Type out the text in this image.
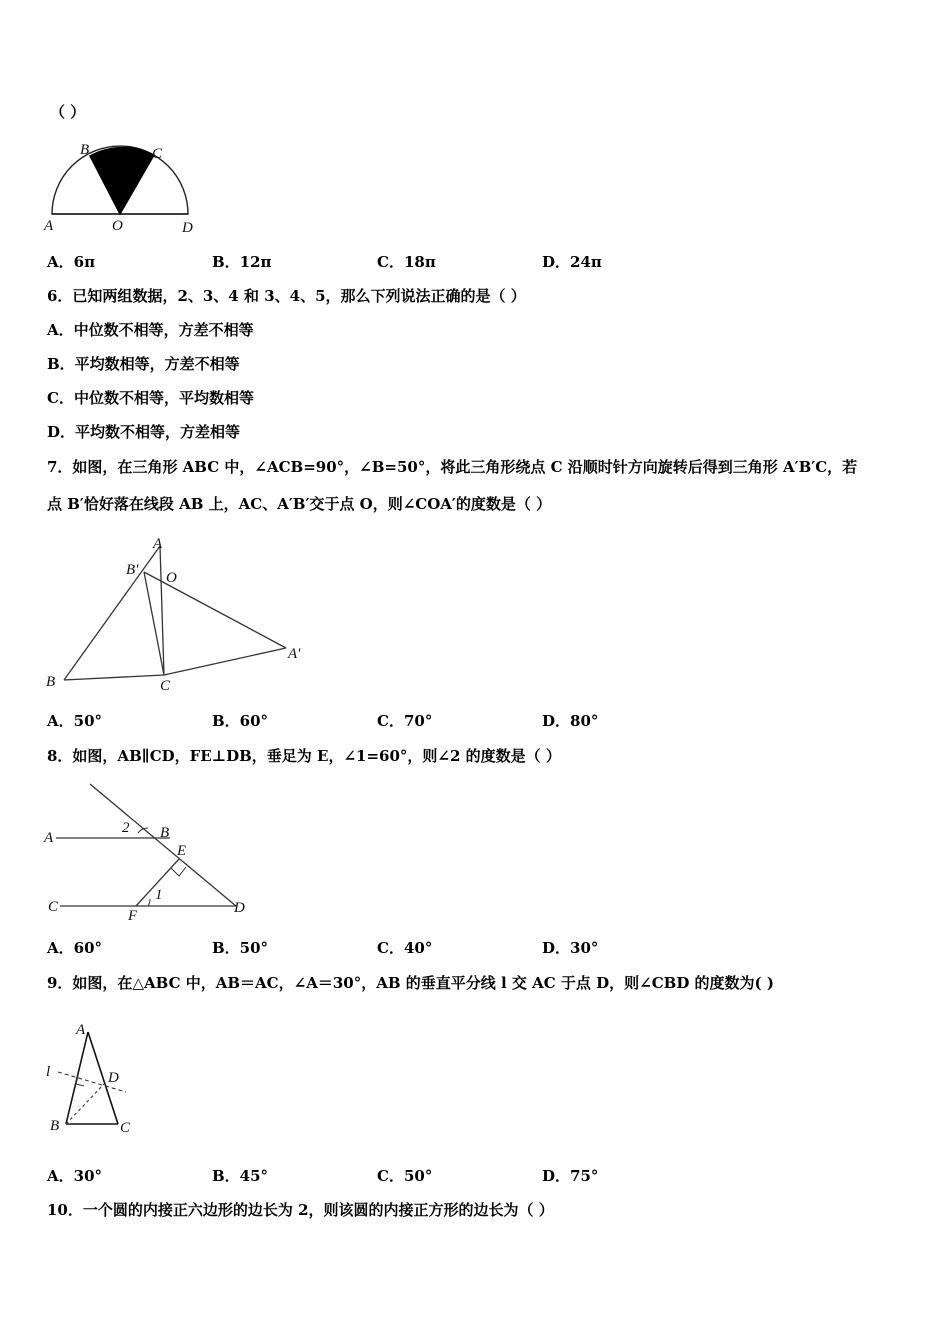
（ ）
B	C
A	O	D
A．6π	B．12π	C．18π	D．24π
6．已知两组数据，2、3、4 和 3、4、5，那么下列说法正确的是（ ）
A．中位数不相等，方差不相等
B．平均数相等，方差不相等
C．中位数不相等，平均数相等
D．平均数不相等，方差相等
7．如图，在三角形 ABC 中，∠ACB=90°，∠B=50°，将此三角形绕点 C 沿顺时针方向旋转后得到三角形 A′B′C，若
点 B′恰好落在线段 AB 上，AC、A′B′交于点 O，则∠COA′的度数是（ ）
A
B' O
A'
B	C
A．50°	B．60°	C．70°	D．80°
8．如图，AB∥CD，FE⊥DB，垂足为 E，∠1=60°，则∠2 的度数是（ ）
A
2 B
E
1
C
F	D
A．60°	B．50°	C．40°	D．30°
9．如图，在△ABC 中，AB＝AC，∠A＝30°，AB 的垂直平分线 l 交 AC 于点 D，则∠CBD 的度数为( )
A
l	D
B	C
A．30°	B．45°	C．50°	D．75°
10．一个圆的内接正六边形的边长为 2，则该圆的内接正方形的边长为（ ）
